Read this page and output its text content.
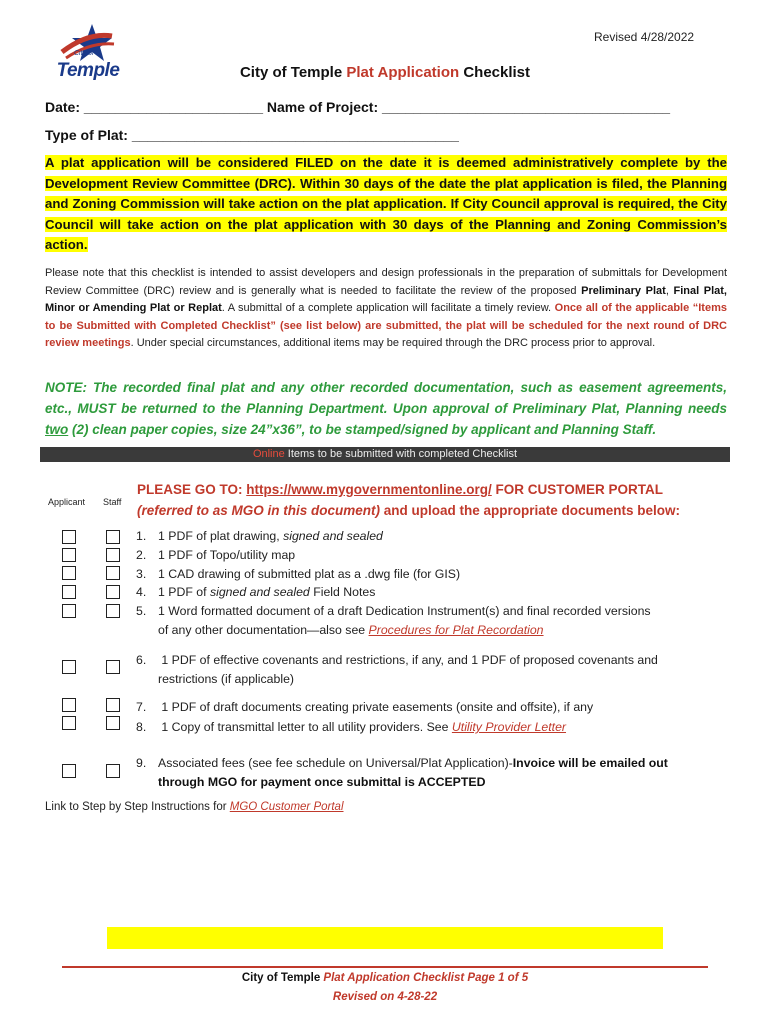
Revised 4/28/2022
City of
Temple	City of Temple Plat Application Checklist
Date: _______________________ Name of Project: _____________________________________
Type of Plat: __________________________________________
A plat application will be considered FILED on the date it is deemed administratively complete by the Development Review Committee (DRC). Within 30 days of the date the plat application is filed, the Planning and Zoning Commission will take action on the plat application. If City Council approval is required, the City Council will take action on the plat application with 30 days of the Planning and Zoning Commission’s action.
Please note that this checklist is intended to assist developers and design professionals in the preparation of submittals for Development Review Committee (DRC) review and is generally what is needed to facilitate the review of the proposed Preliminary Plat, Final Plat, Minor or Amending Plat or Replat. A submittal of a complete application will facilitate a timely review. Once all of the applicable “Items to be Submitted with Completed Checklist” (see list below) are submitted, the plat will be scheduled for the next round of DRC review meetings. Under special circumstances, additional items may be required through the DRC process prior to approval.
NOTE: The recorded final plat and any other recorded documentation, such as easement agreements, etc., MUST be returned to the Planning Department. Upon approval of Preliminary Plat, Planning needs two (2) clean paper copies, size 24”x36”, to be stamped/signed by applicant and Planning Staff.
Online Items to be submitted with completed Checklist
Applicant Staff
PLEASE GO TO: https://www.mygovernmentonline.org/ FOR CUSTOMER PORTAL
(referred to as MGO in this document) and upload the appropriate documents below:
1. 1 PDF of plat drawing, signed and sealed
2. 1 PDF of Topo/utility map
3. 1 CAD drawing of submitted plat as a .dwg file (for GIS)
4. 1 PDF of signed and sealed Field Notes
5. 1 Word formatted document of a draft Dedication Instrument(s) and final recorded versions
of any other documentation—also see Procedures for Plat Recordation
6. 1 PDF of effective covenants and restrictions, if any, and 1 PDF of proposed covenants and
restrictions (if applicable)
7. 1 PDF of draft documents creating private easements (onsite and offsite), if any
8. 1 Copy of transmittal letter to all utility providers. See Utility Provider Letter
9. Associated fees (see fee schedule on Universal/Plat Application)-Invoice will be emailed out
through MGO for payment once submittal is ACCEPTED
Link to Step by Step Instructions for MGO Customer Portal
City of Temple Plat Application Checklist Page 1 of 5
Revised on 4-28-22
